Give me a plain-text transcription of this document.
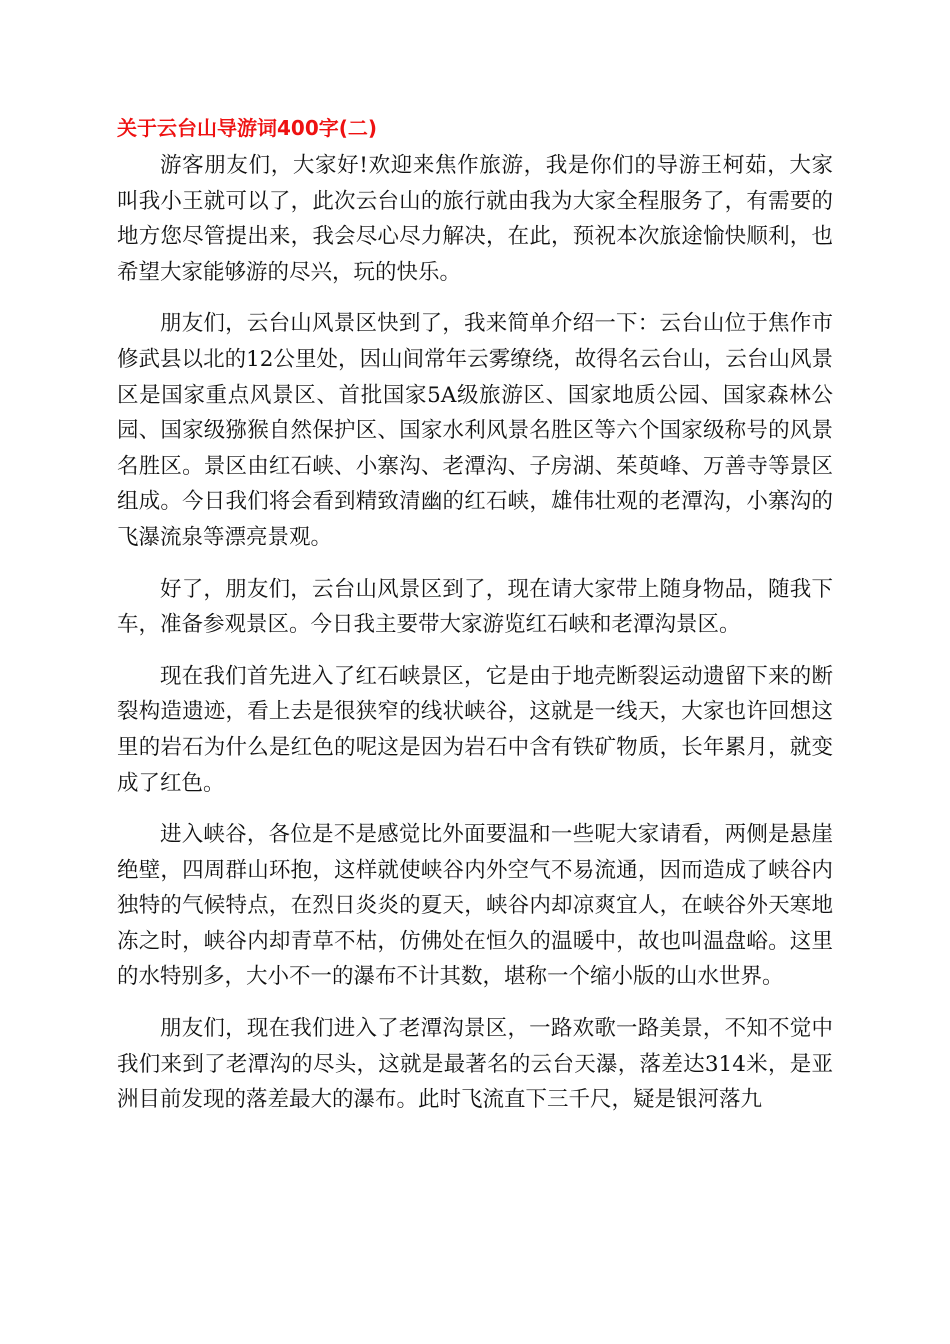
关于云台山导游词400字(二)

游客朋友们，大家好!欢迎来焦作旅游，我是你们的导游王柯茹，大家叫我小王就可以了，此次云台山的旅行就由我为大家全程服务了，有需要的地方您尽管提出来，我会尽心尽力解决，在此，预祝本次旅途愉快顺利，也希望大家能够游的尽兴，玩的快乐。

朋友们，云台山风景区快到了，我来简单介绍一下：云台山位于焦作市修武县以北的12公里处，因山间常年云雾缭绕，故得名云台山，云台山风景区是国家重点风景区、首批国家5A级旅游区、国家地质公园、国家森林公园、国家级猕猴自然保护区、国家水利风景名胜区等六个国家级称号的风景名胜区。景区由红石峡、小寨沟、老潭沟、子房湖、茱萸峰、万善寺等景区组成。今日我们将会看到精致清幽的红石峡，雄伟壮观的老潭沟，小寨沟的飞瀑流泉等漂亮景观。

好了，朋友们，云台山风景区到了，现在请大家带上随身物品，随我下车，准备参观景区。今日我主要带大家游览红石峡和老潭沟景区。

现在我们首先进入了红石峡景区，它是由于地壳断裂运动遗留下来的断裂构造遗迹，看上去是很狭窄的线状峡谷，这就是一线天，大家也许回想这里的岩石为什么是红色的呢这是因为岩石中含有铁矿物质，长年累月，就变成了红色。

进入峡谷，各位是不是感觉比外面要温和一些呢大家请看，两侧是悬崖绝壁，四周群山环抱，这样就使峡谷内外空气不易流通，因而造成了峡谷内独特的气候特点，在烈日炎炎的夏天，峡谷内却凉爽宜人，在峡谷外天寒地冻之时，峡谷内却青草不枯，仿佛处在恒久的温暖中，故也叫温盘峪。这里的水特别多，大小不一的瀑布不计其数，堪称一个缩小版的山水世界。

朋友们，现在我们进入了老潭沟景区，一路欢歌一路美景，不知不觉中我们来到了老潭沟的尽头，这就是最著名的云台天瀑，落差达314米，是亚洲目前发现的落差最大的瀑布。此时飞流直下三千尺，疑是银河落九
